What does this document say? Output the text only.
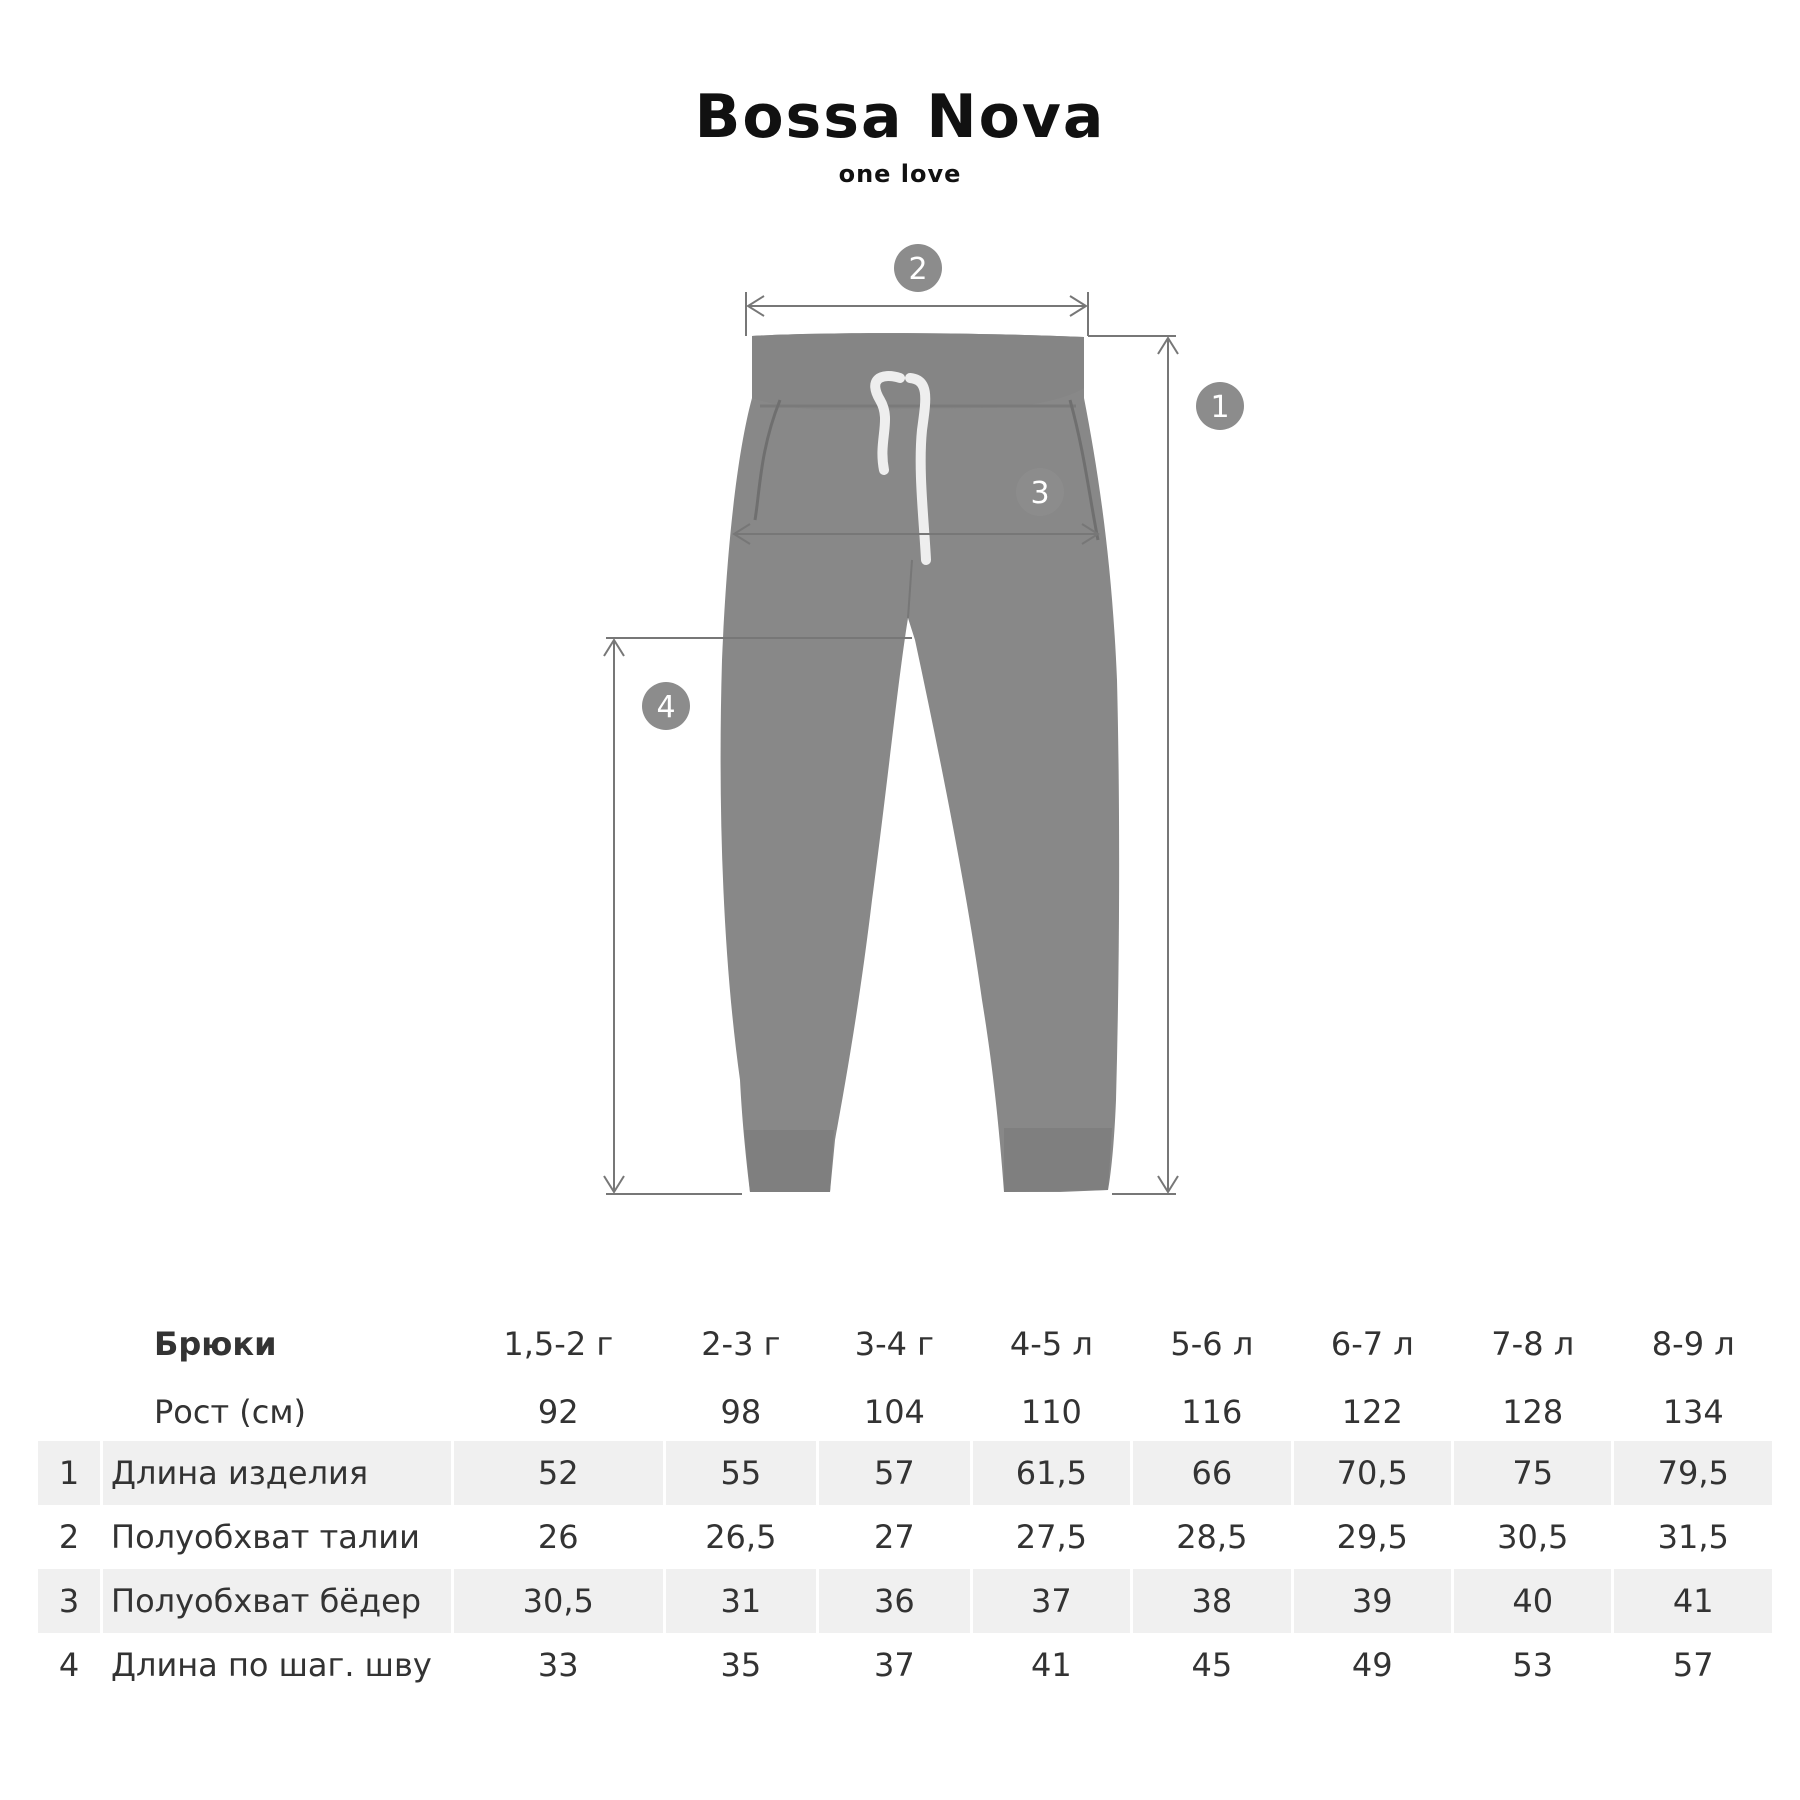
Bossa Nova
one love
2
1
3
4
Брюки		1,5-2 г	2-3 г	3-4 г	4-5 л	5-6 л	6-7 л	7-8 л	8-9 л
Рост (см)		92	98	104	110	116	122	128	134
1	Длина изделия	52	55	57	61,5	66	70,5	75	79,5
2	Полуобхват талии	26	26,5	27	27,5	28,5	29,5	30,5	31,5
3	Полуобхват бёдер	30,5	31	36	37	38	39	40	41
4	Длина по шаг. шву	33	35	37	41	45	49	53	57
